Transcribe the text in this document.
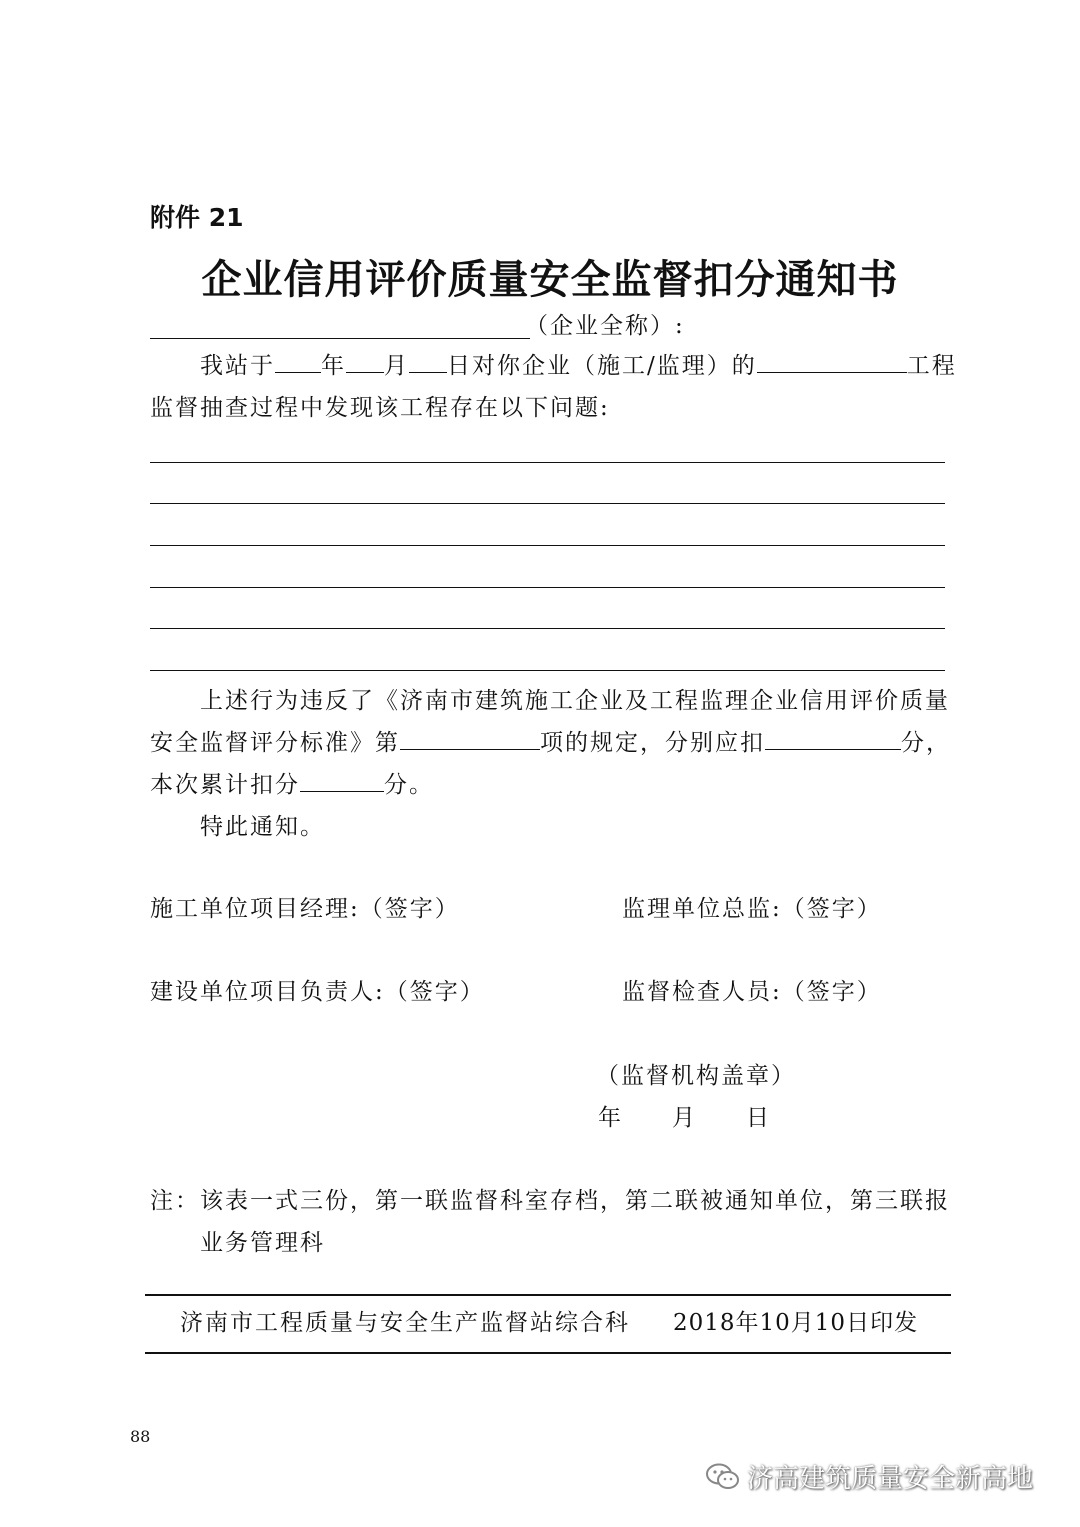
附件 21
企业信用评价质量安全监督扣分通知书
（企业全称）:
我站于 年 月 日对你企业（施工/监理）的	工程
监督抽查过程中发现该工程存在以下问题:
上述行为违反了《济南市建筑施工企业及工程监理企业信用评价质量
安全监督评分标准》第	项的规定，分别应扣	分，
本次累计扣分	分。
特此通知。
施工单位项目经理:（签字）	监理单位总监:（签字）
建设单位项目负责人:（签字）	监督检查人员:（签字）
（监督机构盖章）
年 月 日
注：该表一式三份，第一联监督科室存档，第二联被通知单位，第三联报
业务管理科
济南市工程质量与安全生产监督站综合科 2018年10月10日印发
88
济高建筑质量安全新高地
